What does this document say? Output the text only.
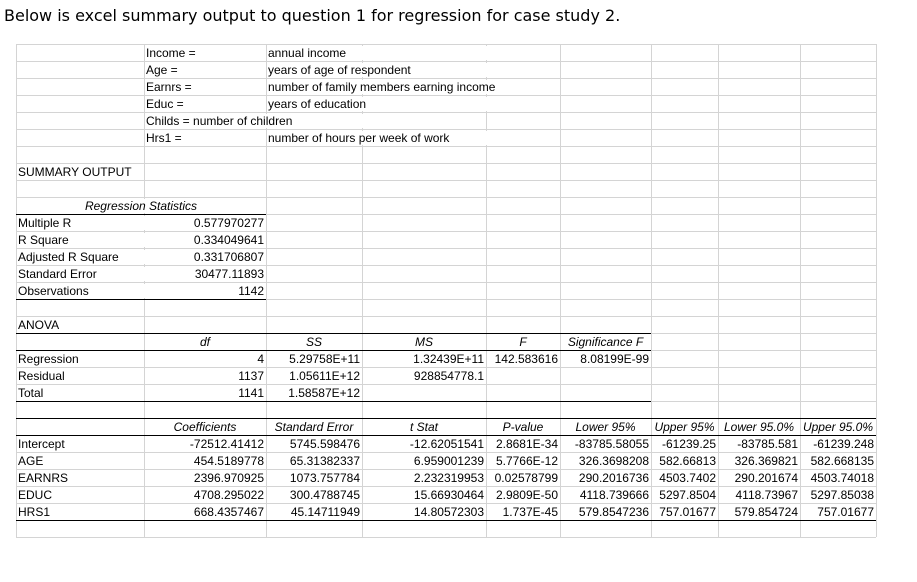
Below is excel summary output to question 1 for regression for case study 2.
Income =	annual income
Age =	years of age of respondent
Earnrs =	number of family members earning income
Educ =	years of education
Childs = number of children
Hrs1 =	number of hours per week of work
SUMMARY OUTPUT
Regression Statistics
Multiple R	0.577970277
R Square	0.334049641
Adjusted R Square	0.331706807
Standard Error	30477.11893
Observations	1142
ANOVA
df	SS	MS	F	Significance F
Regression	4	5.29758E+11	1.32439E+11 142.583616	8.08199E-99
Residual	1137	1.05611E+12	928854778.1
Total	1141	1.58587E+12
Coefficients	Standard Error	t Stat	P-value	Lower 95%	Upper 95% Lower 95.0% Upper 95.0%
Intercept	-72512.41412	5745.598476	-12.62051541 2.8681E-34	-83785.58055	-61239.25	-83785.581	-61239.248
AGE	454.5189778	65.31382337	6.959001239 5.7766E-12	326.3698208 582.66813	326.369821	582.668135
EARNRS	2396.970925	1073.757784	2.232319953 0.02578799	290.2016736 4503.7402	290.201674	4503.74018
EDUC	4708.295022	300.4788745	15.66930464 2.9809E-50	4118.739666 5297.8504	4118.73967	5297.85038
HRS1	668.4357467	45.14711949	14.80572303	1.737E-45	579.8547236 757.01677	579.854724	757.01677
